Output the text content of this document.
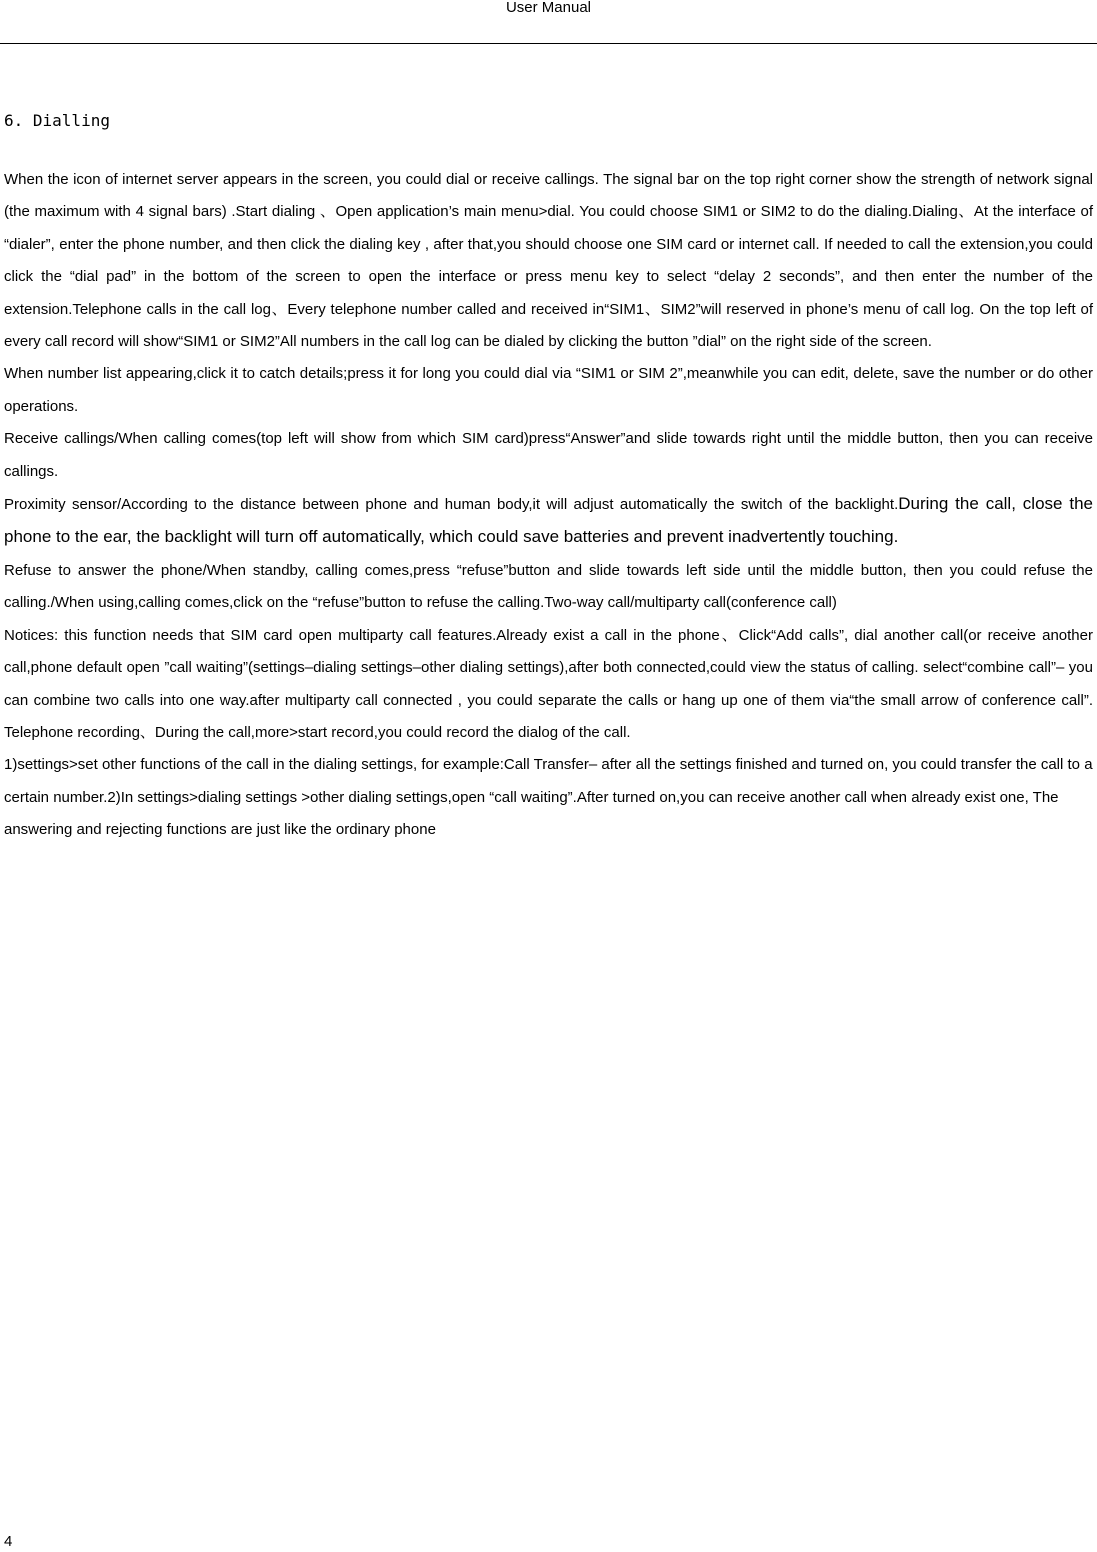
User Manual
6. Dialling

When the icon of internet server appears in the screen, you could dial or receive callings. The signal bar on the top right corner show the strength of network signal (the maximum with 4 signal bars) .Start dialing 、Open application’s main menu>dial. You could choose SIM1 or SIM2 to do the dialing.Dialing、At the interface of “dialer”, enter the phone number, and then click the dialing key , after that,you should choose one SIM card or internet call. If needed to call the extension,you could click the “dial pad” in the bottom of the screen to open the interface or press menu key to select “delay 2 seconds”, and then enter the number of the extension.Telephone calls in the call log、Every telephone number called and received in“SIM1、SIM2”will reserved in phone’s menu of call log. On the top left of every call record will show“SIM1 or SIM2”All numbers in the call log can be dialed by clicking the button ”dial” on the right side of the screen.

When number list appearing,click it to catch details;press it for long you could dial via “SIM1 or SIM 2”,meanwhile you can edit, delete, save the number or do other operations.

Receive callings/When calling comes(top left will show from which SIM card)press“Answer”and slide towards right until the middle button, then you can receive callings.

Proximity sensor/According to the distance between phone and human body,it will adjust automatically the switch of the backlight.During the call, close the phone to the ear, the backlight will turn off automatically, which could save batteries and prevent inadvertently touching.

Refuse to answer the phone/When standby, calling comes,press “refuse”button and slide towards left side until the middle button, then you could refuse the calling./When using,calling comes,click on the “refuse”button to refuse the calling.Two-way call/multiparty call(conference call)

Notices: this function needs that SIM card open multiparty call features.Already exist a call in the phone、Click“Add calls”, dial another call(or receive another call,phone default open ”call waiting”(settings–dialing settings–other dialing settings),after both connected,could view the status of calling. select“combine call”– you can combine two calls into one way.after multiparty call connected , you could separate the calls or hang up one of them via“the small arrow of conference call”. Telephone recording、During the call,more>start record,you could record the dialog of the call.

1)settings>set other functions of the call in the dialing settings, for example:Call Transfer– after all the settings finished and turned on, you could transfer the call to a certain number.2)In settings>dialing settings >other dialing settings,open “call waiting”.After turned on,you can receive another call when already exist one, The answering and rejecting functions are just like the ordinary phone

4
